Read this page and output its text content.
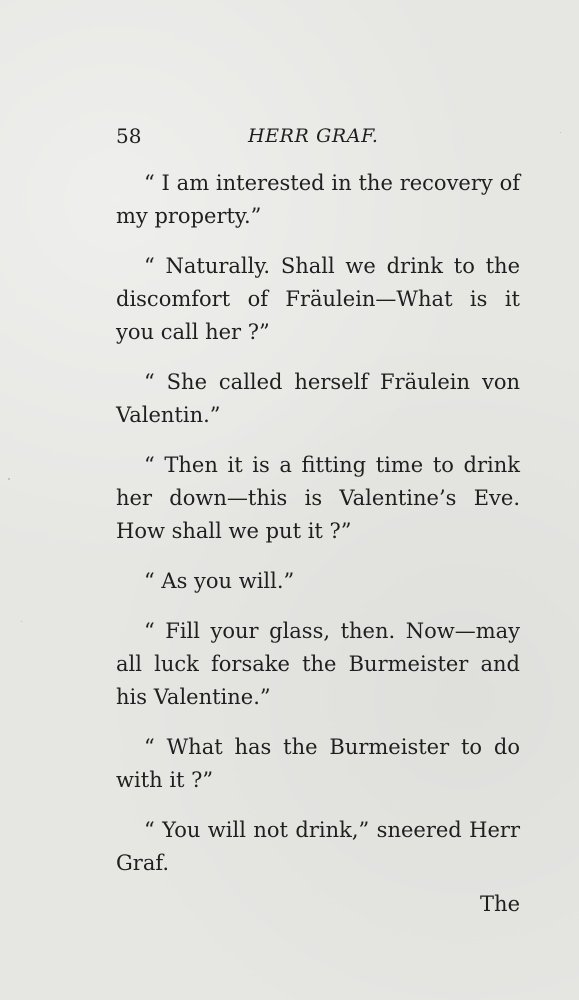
58	HERR GRAF.

“ I am interested in the recovery of my property.”

“ Naturally. Shall we drink to the discomfort of Fräulein—What is it you call her ?”

“ She called herself Fräulein von Valentin.”

“ Then it is a fitting time to drink her down—this is Valentine’s Eve. How shall we put it ?”

“ As you will.”

“ Fill your glass, then. Now—may all luck forsake the Burmeister and his Valentine.”

“ What has the Burmeister to do with it ?”

“ You will not drink,” sneered Herr Graf.

The
